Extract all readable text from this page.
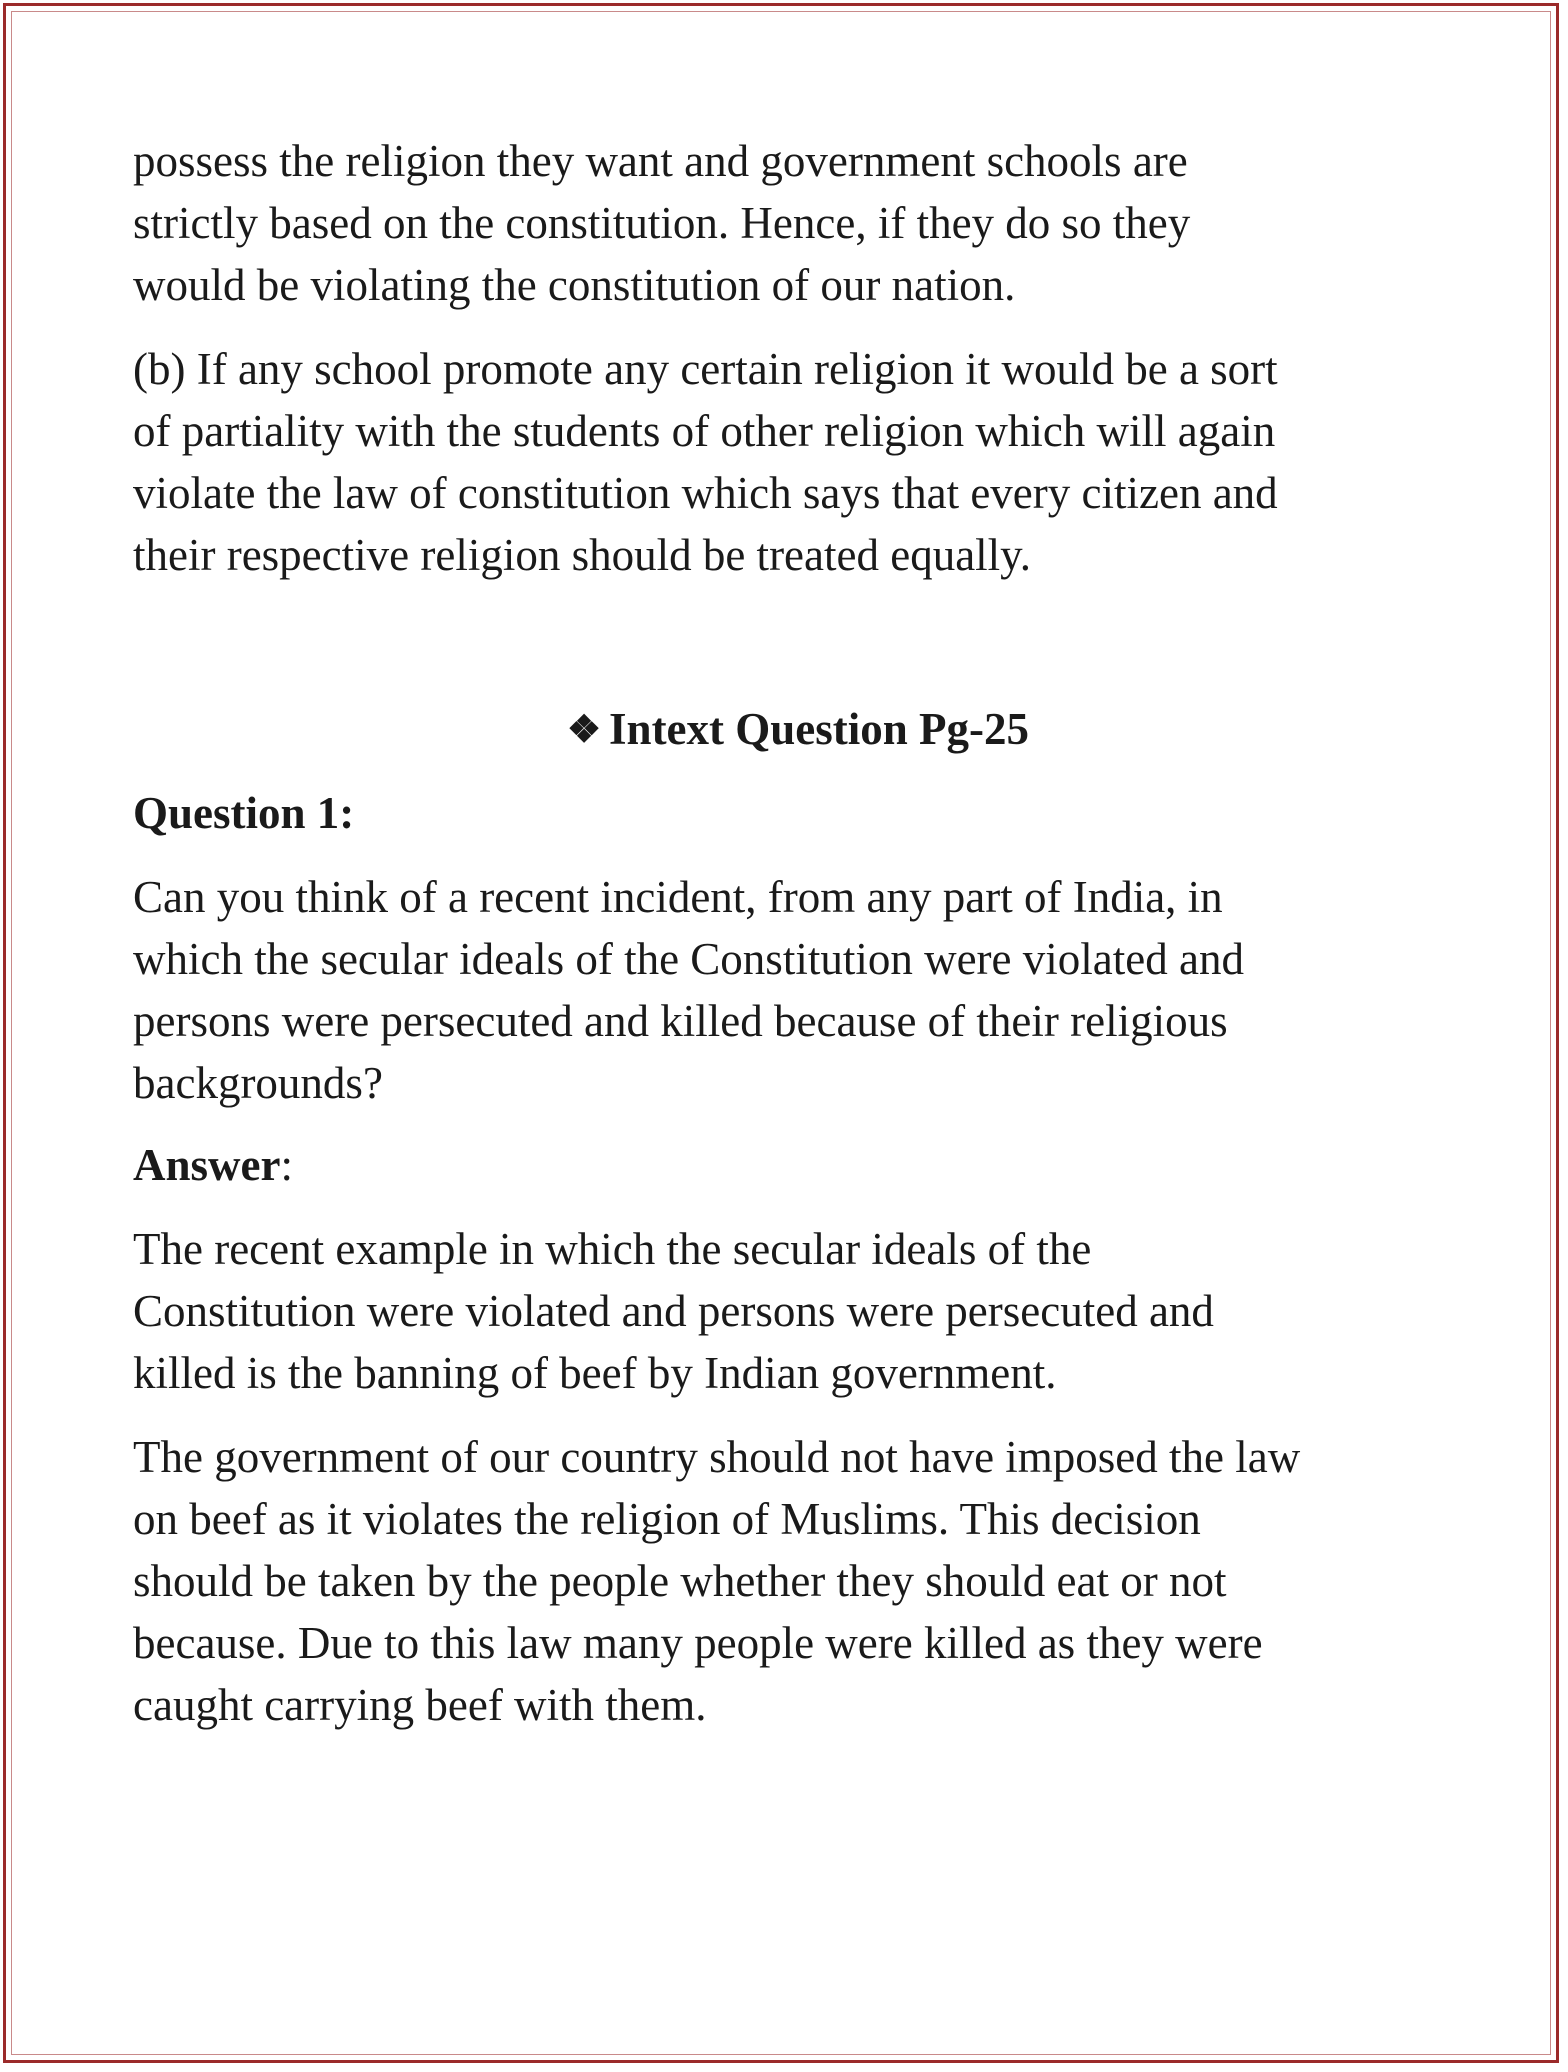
possess the religion they want and government schools are
strictly based on the constitution. Hence, if they do so they
would be violating the constitution of our nation.
(b) If any school promote any certain religion it would be a sort
of partiality with the students of other religion which will again
violate the law of constitution which says that every citizen and
their respective religion should be treated equally.
❖ Intext Question Pg-25
Question 1:
Can you think of a recent incident, from any part of India, in
which the secular ideals of the Constitution were violated and
persons were persecuted and killed because of their religious
backgrounds?
Answer:
The recent example in which the secular ideals of the
Constitution were violated and persons were persecuted and
killed is the banning of beef by Indian government.
The government of our country should not have imposed the law
on beef as it violates the religion of Muslims. This decision
should be taken by the people whether they should eat or not
because. Due to this law many people were killed as they were
caught carrying beef with them.
